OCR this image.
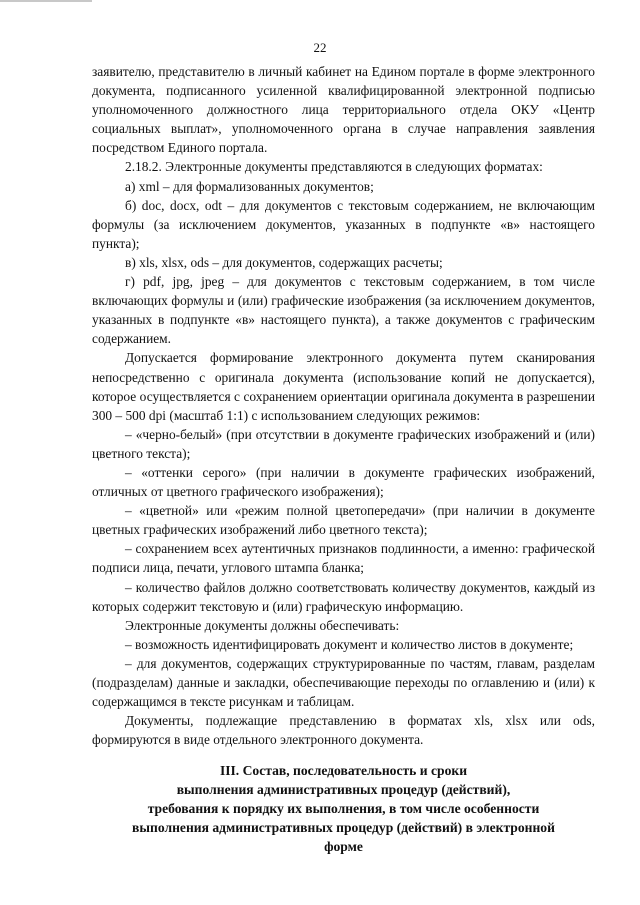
22

заявителю, представителю в личный кабинет на Едином портале в форме электронного документа, подписанного усиленной квалифицированной электронной подписью уполномоченного должностного лица территориального отдела ОКУ «Центр социальных выплат», уполномоченного органа в случае направления заявления посредством Единого портала.

2.18.2. Электронные документы представляются в следующих форматах:

а) xml – для формализованных документов;

б) doc, docx, odt – для документов с текстовым содержанием, не включающим формулы (за исключением документов, указанных в подпункте «в» настоящего пункта);

в) xls, xlsx, ods – для документов, содержащих расчеты;

г) pdf, jpg, jpeg – для документов с текстовым содержанием, в том числе включающих формулы и (или) графические изображения (за исключением документов, указанных в подпункте «в» настоящего пункта), а также документов с графическим содержанием.

Допускается формирование электронного документа путем сканирования непосредственно с оригинала документа (использование копий не допускается), которое осуществляется с сохранением ориентации оригинала документа в разрешении 300 – 500 dpi (масштаб 1:1) с использованием следующих режимов:

– «черно-белый» (при отсутствии в документе графических изображений и (или) цветного текста);

– «оттенки серого» (при наличии в документе графических изображений, отличных от цветного графического изображения);

– «цветной» или «режим полной цветопередачи» (при наличии в документе цветных графических изображений либо цветного текста);

– сохранением всех аутентичных признаков подлинности, а именно: графической подписи лица, печати, углового штампа бланка;

– количество файлов должно соответствовать количеству документов, каждый из которых содержит текстовую и (или) графическую информацию.

Электронные документы должны обеспечивать:

– возможность идентифицировать документ и количество листов в документе;

– для документов, содержащих структурированные по частям, главам, разделам (подразделам) данные и закладки, обеспечивающие переходы по оглавлению и (или) к содержащимся в тексте рисункам и таблицам.

Документы, подлежащие представлению в форматах xls, xlsx или ods, формируются в виде отдельного электронного документа.

III. Состав, последовательность и сроки
выполнения административных процедур (действий),
требования к порядку их выполнения, в том числе особенности
выполнения административных процедур (действий) в электронной
форме
